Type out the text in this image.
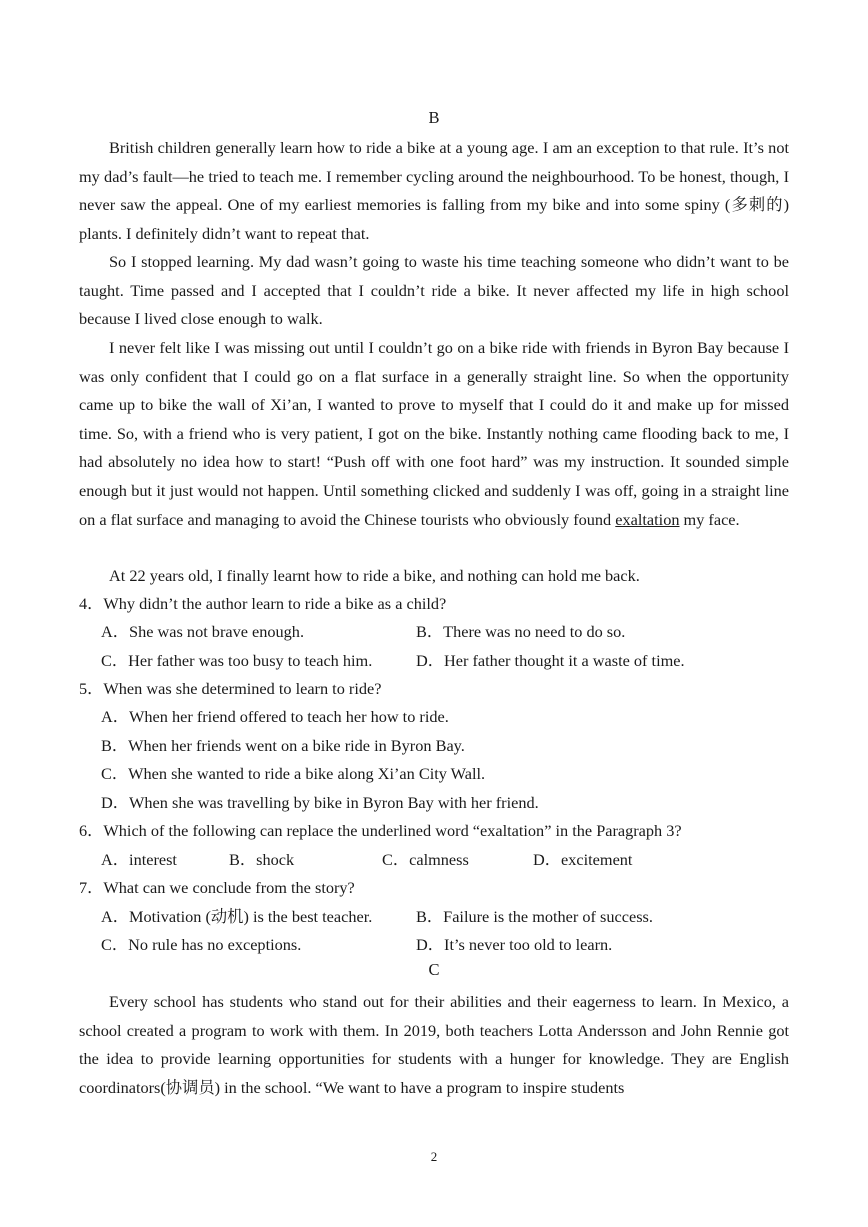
B

British children generally learn how to ride a bike at a young age. I am an exception to that rule. It’s not my dad’s fault—he tried to teach me. I remember cycling around the neighbourhood. To be honest, though, I never saw the appeal. One of my earliest memories is falling from my bike and into some spiny (多刺的) plants. I definitely didn’t want to repeat that.

So I stopped learning. My dad wasn’t going to waste his time teaching someone who didn’t want to be taught. Time passed and I accepted that I couldn’t ride a bike. It never affected my life in high school because I lived close enough to walk.

I never felt like I was missing out until I couldn’t go on a bike ride with friends in Byron Bay because I was only confident that I could go on a flat surface in a generally straight line. So when the opportunity came up to bike the wall of Xi’an, I wanted to prove to myself that I could do it and make up for missed time. So, with a friend who is very patient, I got on the bike. Instantly nothing came flooding back to me, I had absolutely no idea how to start! “Push off with one foot hard” was my instruction. It sounded simple enough but it just would not happen. Until something clicked and suddenly I was off, going in a straight line on a flat surface and managing to avoid the Chinese tourists who obviously found exaltation my face.

At 22 years old, I finally learnt how to ride a bike, and nothing can hold me back.

4．Why didn’t the author learn to ride a bike as a child?
A．She was not brave enough.	B．There was no need to do so.
C．Her father was too busy to teach him.	D．Her father thought it a waste of time.
5．When was she determined to learn to ride?
A．When her friend offered to teach her how to ride.
B．When her friends went on a bike ride in Byron Bay.
C．When she wanted to ride a bike along Xi’an City Wall.
D．When she was travelling by bike in Byron Bay with her friend.
6．Which of the following can replace the underlined word “exaltation” in the Paragraph 3?
A．interest	B．shock	C．calmness	D．excitement
7．What can we conclude from the story?
A．Motivation (动机) is the best teacher.	B．Failure is the mother of success.
C．No rule has no exceptions.	D．It’s never too old to learn.
C

Every school has students who stand out for their abilities and their eagerness to learn. In Mexico, a school created a program to work with them. In 2019, both teachers Lotta Andersson and John Rennie got the idea to provide learning opportunities for students with a hunger for knowledge. They are English coordinators(协调员) in the school. “We want to have a program to inspire students

2
